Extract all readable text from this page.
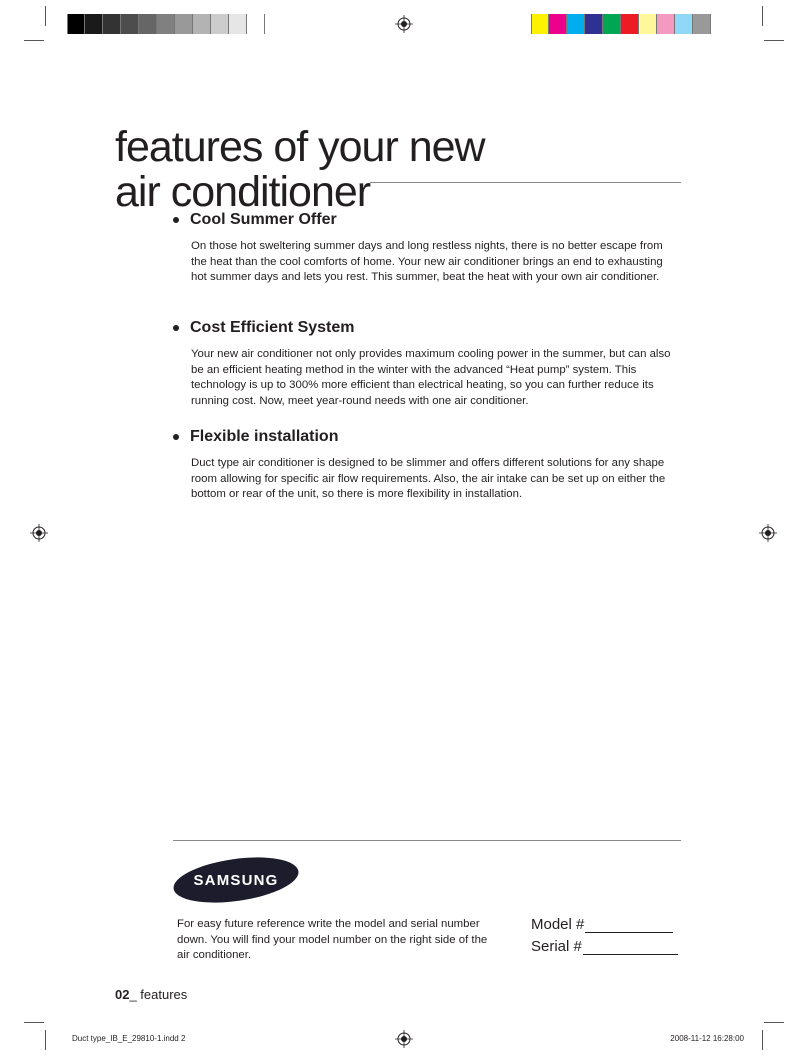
features of your new
air conditioner
Cool Summer Offer

On those hot sweltering summer days and long restless nights, there is no better escape from the heat than the cool comforts of home. Your new air conditioner brings an end to exhausting hot summer days and lets you rest. This summer, beat the heat with your own air conditioner.

Cost Efficient System

Your new air conditioner not only provides maximum cooling power in the summer, but can also be an efficient heating method in the winter with the advanced “Heat pump” system. This technology is up to 300% more efficient than electrical heating, so you can further reduce its running cost. Now, meet year-round needs with one air conditioner.

Flexible installation

Duct type air conditioner is designed to be slimmer and offers different solutions for any shape room allowing for specific air flow requirements. Also, the air intake can be set up on either the bottom or rear of the unit, so there is more flexibility in installation.

SAMSUNG
For easy future reference write the model and serial number down. You will find your model number on the right side of the air conditioner.
Model #
Serial #
02_ features
Duct type_IB_E_29810-1.indd 2	2008-11-12 16:28:00
